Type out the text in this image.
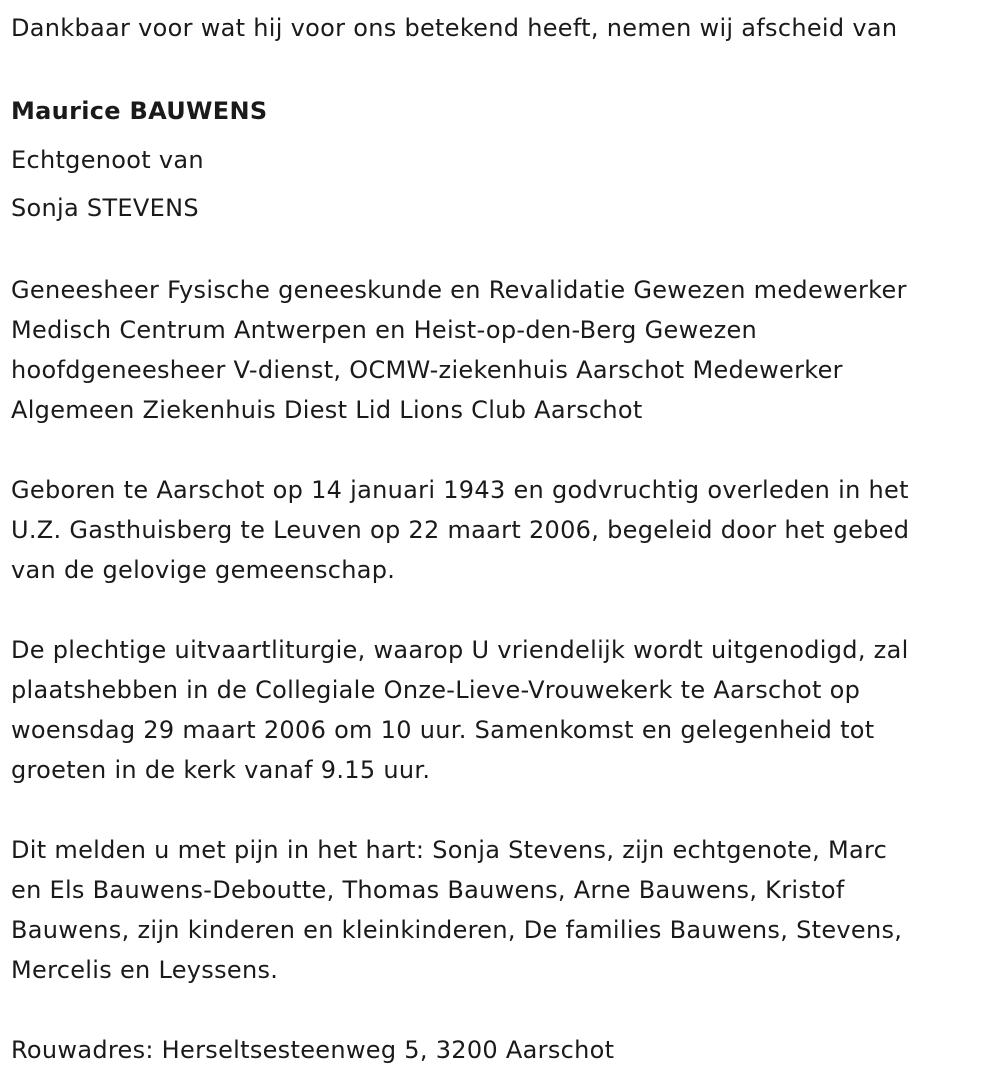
Dankbaar voor wat hij voor ons betekend heeft, nemen wij afscheid van

Maurice BAUWENS

Echtgenoot van

Sonja STEVENS

Geneesheer Fysische geneeskunde en Revalidatie Gewezen medewerker

Medisch Centrum Antwerpen en Heist-op-den-Berg Gewezen

hoofdgeneesheer V-dienst, OCMW-ziekenhuis Aarschot Medewerker

Algemeen Ziekenhuis Diest Lid Lions Club Aarschot

Geboren te Aarschot op 14 januari 1943 en godvruchtig overleden in het

U.Z. Gasthuisberg te Leuven op 22 maart 2006, begeleid door het gebed

van de gelovige gemeenschap.

De plechtige uitvaartliturgie, waarop U vriendelijk wordt uitgenodigd, zal

plaatshebben in de Collegiale Onze-Lieve-Vrouwekerk te Aarschot op

woensdag 29 maart 2006 om 10 uur. Samenkomst en gelegenheid tot

groeten in de kerk vanaf 9.15 uur.

Dit melden u met pijn in het hart: Sonja Stevens, zijn echtgenote, Marc

en Els Bauwens-Deboutte, Thomas Bauwens, Arne Bauwens, Kristof

Bauwens, zijn kinderen en kleinkinderen, De families Bauwens, Stevens,

Mercelis en Leyssens.

Rouwadres: Herseltsesteenweg 5, 3200 Aarschot
